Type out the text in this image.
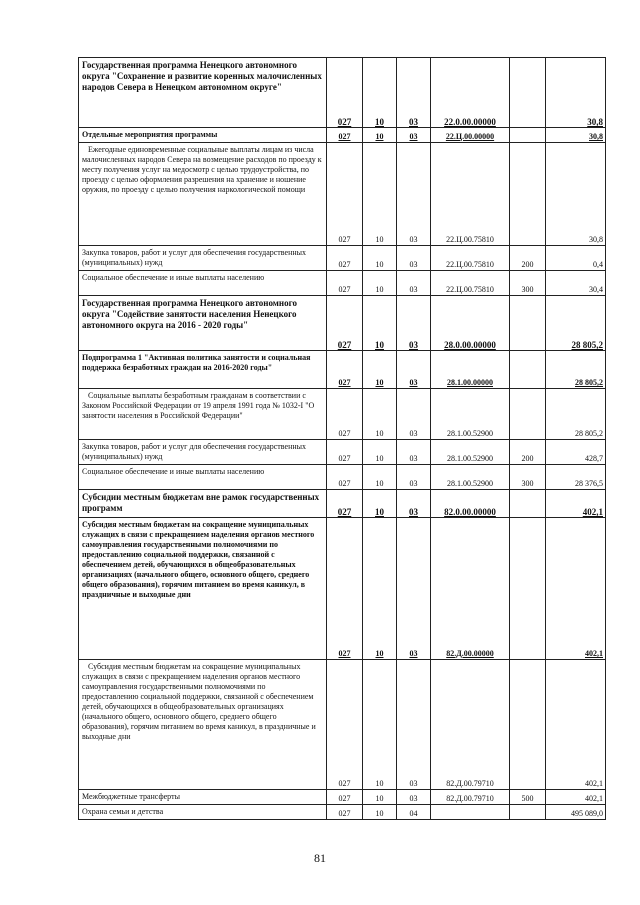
Государственная программа Ненецкого автономного округа "Сохранение и развитие коренных малочисленных народов Севера в Ненецком автономном округе"	027	10	03	22.0.00.00000		30,8

Отдельные мероприятия программы	027	10	03	22.Ц.00.00000		30,8

Ежегодные единовременные социальные выплаты лицам из числа малочисленных народов Севера на возмещение расходов по проезду к месту получения услуг на медосмотр с целью трудоустройства, по проезду с целью оформления разрешения на хранение и ношение оружия, по проезду с целью получения наркологической помощи	027	10	03	22.Ц.00.75810		30,8

Закупка товаров, работ и услуг для обеспечения государственных (муниципальных) нужд	027	10	03	22.Ц.00.75810	200	0,4

Социальное обеспечение и иные выплаты населению	027	10	03	22.Ц.00.75810	300	30,4

Государственная программа Ненецкого автономного округа "Содействие занятости населения Ненецкого автономного округа на 2016 - 2020 годы"	027	10	03	28.0.00.00000		28 805,2

Подпрограмма 1 "Активная политика занятости и социальная поддержка безработных граждан на 2016-2020 годы"	027	10	03	28.1.00.00000		28 805,2

Социальные выплаты безработным гражданам в соответствии с Законом Российской Федерации от 19 апреля 1991 года № 1032-I "О занятости населения в Российской Федерации"	027	10	03	28.1.00.52900		28 805,2

Закупка товаров, работ и услуг для обеспечения государственных (муниципальных) нужд	027	10	03	28.1.00.52900	200	428,7

Социальное обеспечение и иные выплаты населению	027	10	03	28.1.00.52900	300	28 376,5

Субсидии местным бюджетам вне рамок государственных программ	027	10	03	82.0.00.00000		402,1

Субсидия местным бюджетам на сокращение муниципальных служащих в связи с прекращением наделения органов местного самоуправления государственными полномочиями по предоставлению социальной поддержки, связанной с обеспечением детей, обучающихся в общеобразовательных организациях (начального общего, основного общего, среднего общего образования), горячим питанием во время каникул, в праздничные и выходные дни	027	10	03	82.Д.00.00000		402,1

Субсидия местным бюджетам на сокращение муниципальных служащих в связи с прекращением наделения органов местного самоуправления государственными полномочиями по предоставлению социальной поддержки, связанной с обеспечением детей, обучающихся в общеобразовательных организациях (начального общего, основного общего, среднего общего образования), горячим питанием во время каникул, в праздничные и выходные дни	027	10	03	82.Д.00.79710		402,1

Межбюджетные трансферты	027	10	03	82.Д.00.79710	500	402,1

Охрана семьи и детства	027	10	04			495 089,0
81
